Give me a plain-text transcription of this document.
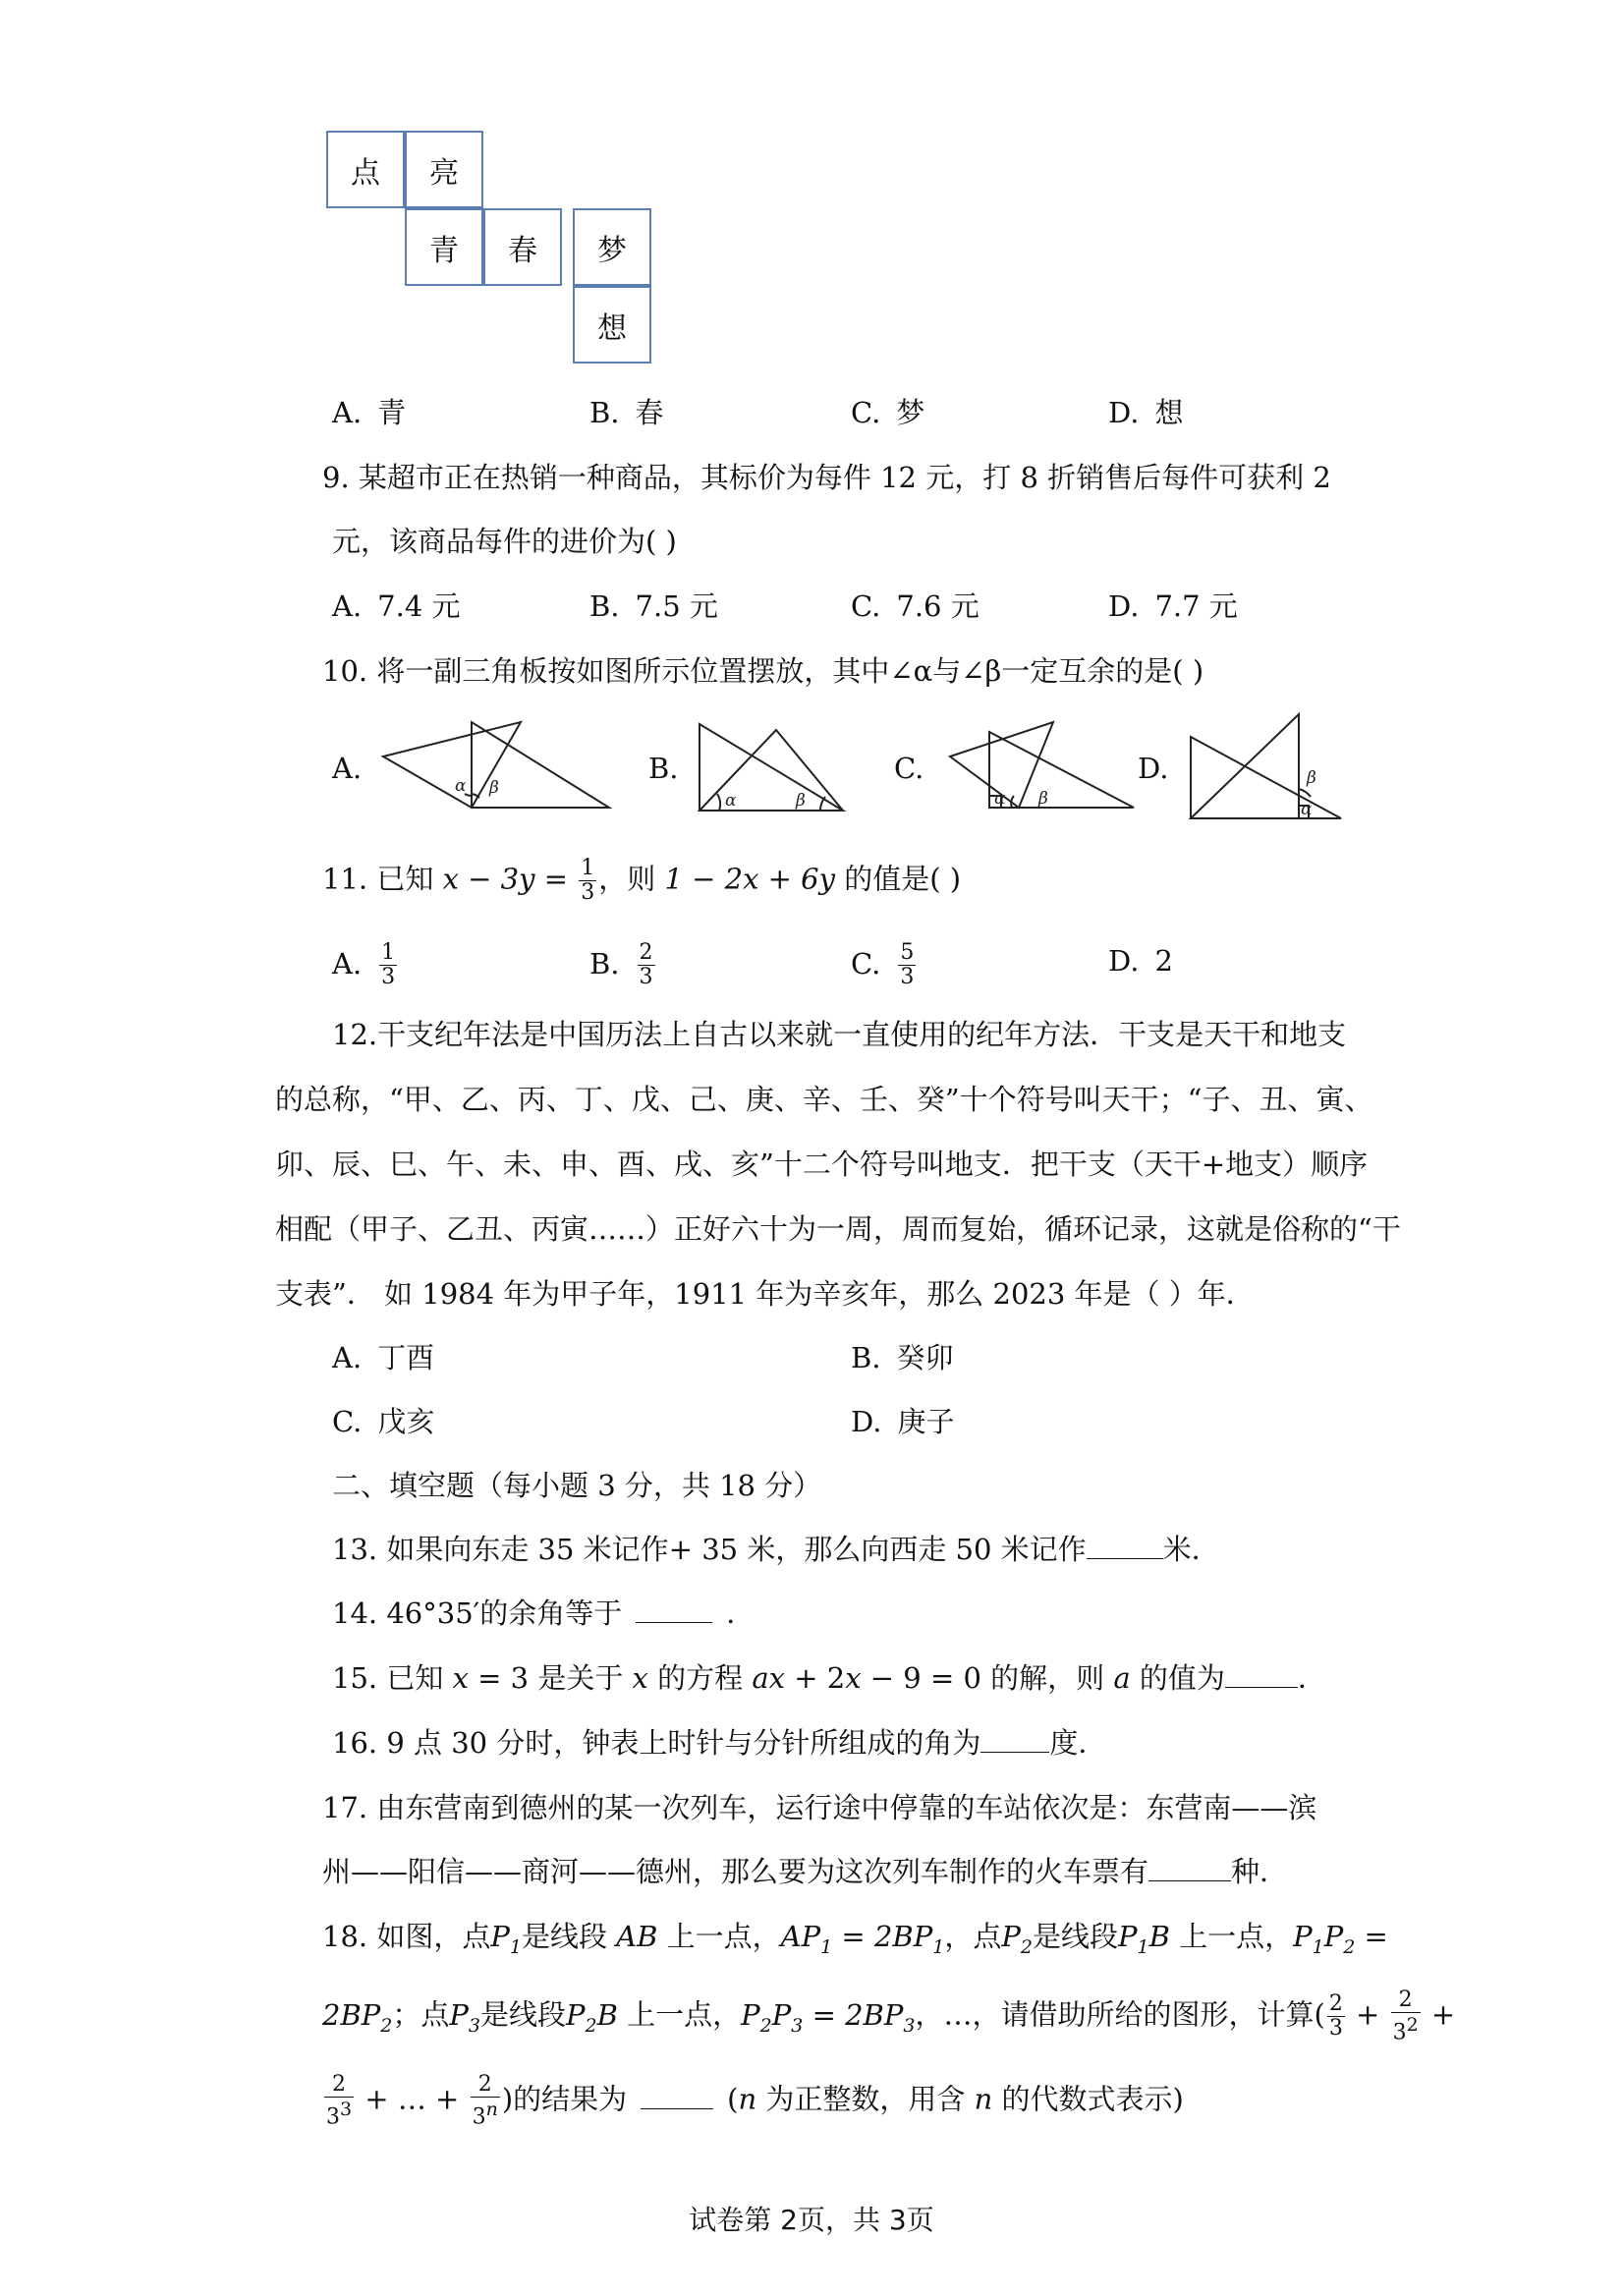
点	亮
青	春	梦
想
A. 青	B. 春	C. 梦	D. 想
9. 某超市正在热销一种商品，其标价为每件 12 元，打 8 折销售后每件可获利 2
元，该商品每件的进价为( )
A. 7.4 元	B. 7.5 元	C. 7.6 元	D. 7.7 元
10. 将一副三角板按如图所示位置摆放，其中∠α与∠β一定互余的是( )
A.	B.	C.	D.
α β
α	β	α β
β
α
11. 已知 $x - 3y = \frac{1}{3}$ ，则 1 − 2x + 6y 的值是( )
A. $\frac{1}{3}$	B. $\frac{2}{3}$	C. $\frac{5}{3}$	D. 2
12.干支纪年法是中国历法上自古以来就一直使用的纪年方法．干支是天干和地支
的总称，“甲、乙、丙、丁、戊、己、庚、辛、壬、癸”十个符号叫天干；“子、丑、寅、
卯、辰、巳、午、未、申、酉、戌、亥”十二个符号叫地支．把干支（天干+地支）顺序
相配（甲子、乙丑、丙寅……）正好六十为一周，周而复始，循环记录，这就是俗称的“干
支表”． 如 1984 年为甲子年，1911 年为辛亥年，那么 2023 年是（ ）年．
A. 丁酉	B. 癸卯
C. 戊亥	D. 庚子
二、填空题（每小题 3 分，共 18 分）
13. 如果向东走 35 米记作+ 35 米，那么向西走 50 米记作	米．
14. 46°35′的余角等于	．
15. 已知 x = 3 是关于 x 的方程 ax + 2x − 9 = 0 的解，则 a 的值为	．
16. 9 点 30 分时，钟表上时针与分针所组成的角为 度．
17. 由东营南到德州的某一次列车，运行途中停靠的车站依次是：东营南——滨
州——阳信——商河——德州，那么要为这次列车制作的火车票有	种．
18. 如图，点$P_1$是线段 AB 上一点，$AP_1 = 2BP_1$，点$P_2$是线段$P_1B$ 上一点，$P_1P_2$ =
$2BP_2$；点$P_3$是线段$P_2B$ 上一点，$P_2P_3 = 2BP_3$，…，请借助所给的图形，计算( $\frac{2}{3} + \frac{2}{3^2}$ +
$\frac{2}{3^3}$ + … + $\frac{2}{3^n}$ )的结果为	(n 为正整数，用含 n 的代数式表示)
试卷第 2页，共 3页
